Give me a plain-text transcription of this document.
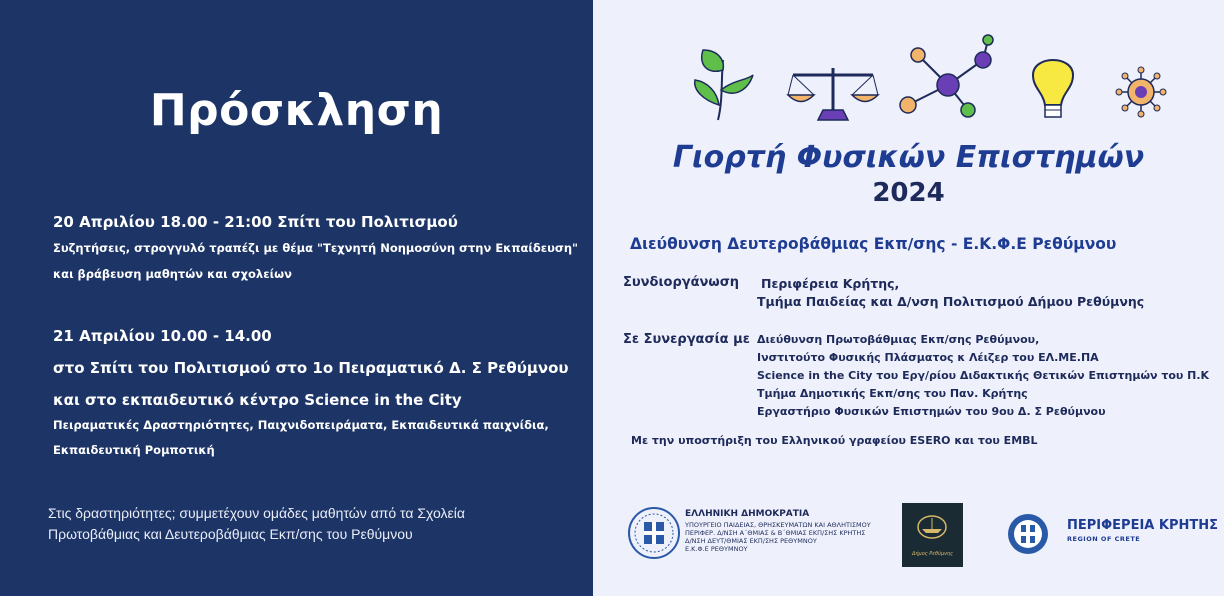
Πρόσκληση
20 Απριλίου 18.00 - 21:00 Σπίτι του Πολιτισμού
Συζητήσεις, στρογγυλό τραπέζι με θέμα "Τεχνητή Νοημοσύνη στην Εκπαίδευση"
και βράβευση μαθητών και σχολείων
21 Απριλίου 10.00 - 14.00
στο Σπίτι του Πολιτισμού στο 1ο Πειραματικό Δ. Σ Ρεθύμνου
και στο εκπαιδευτικό κέντρο Science in the City
Πειραματικές Δραστηριότητες, Παιχνιδοπειράματα, Εκπαιδευτικά παιχνίδια,
Εκπαιδευτική Ρομποτική
Στις δραστηριότητες; συμμετέχουν ομάδες μαθητών από τα Σχολεία
Πρωτοβάθμιας και Δευτεροβάθμιας Εκπ/σης του Ρεθύμνου
Γιορτή Φυσικών Επιστημών
2024
Διεύθυνση Δευτεροβάθμιας Εκπ/σης - Ε.Κ.Φ.Ε Ρεθύμνου
Συνδιοργάνωση Περιφέρεια Κρήτης,
Τμήμα Παιδείας και Δ/νση Πολιτισμού Δήμου Ρεθύμνης
Σε Συνεργασία με Διεύθυνση Πρωτοβάθμιας Εκπ/σης Ρεθύμνου,
Ινστιτούτο Φυσικής Πλάσματος κ Λέιζερ του ΕΛ.ΜΕ.ΠΑ
Science in the City του Εργ/ρίου Διδακτικής Θετικών Επιστημών του Π.Κ
Τμήμα Δημοτικής Εκπ/σης του Παν. Κρήτης
Εργαστήριο Φυσικών Επιστημών του 9ου Δ. Σ Ρεθύμνου
Με την υποστήριξη του Ελληνικού γραφείου ESERO και του EMBL
ΕΛΛΗΝΙΚΗ ΔΗΜΟΚΡΑΤΙΑ
ΥΠΟΥΡΓΕΙΟ ΠΑΙΔΕΙΑΣ, ΘΡΗΣΚΕΥΜΑΤΩΝ ΚΑΙ ΑΘΛΗΤΙΣΜΟΥ
ΠΕΡΙΦΕΡ. Δ/ΝΣΗ Α΄ΘΜΙΑΣ & Β΄ΘΜΙΑΣ ΕΚΠ/ΣΗΣ ΚΡΗΤΗΣ
Δ/ΝΣΗ ΔΕΥΤ/ΘΜΙΑΣ ΕΚΠ/ΣΗΣ ΡΕΘΥΜΝΟΥ
Ε.Κ.Φ.Ε ΡΕΘΥΜΝΟΥ
Δήμος Ρεθύμνης
ΠΕΡΙΦΕΡΕΙΑ ΚΡΗΤΗΣ
REGION OF CRETE
